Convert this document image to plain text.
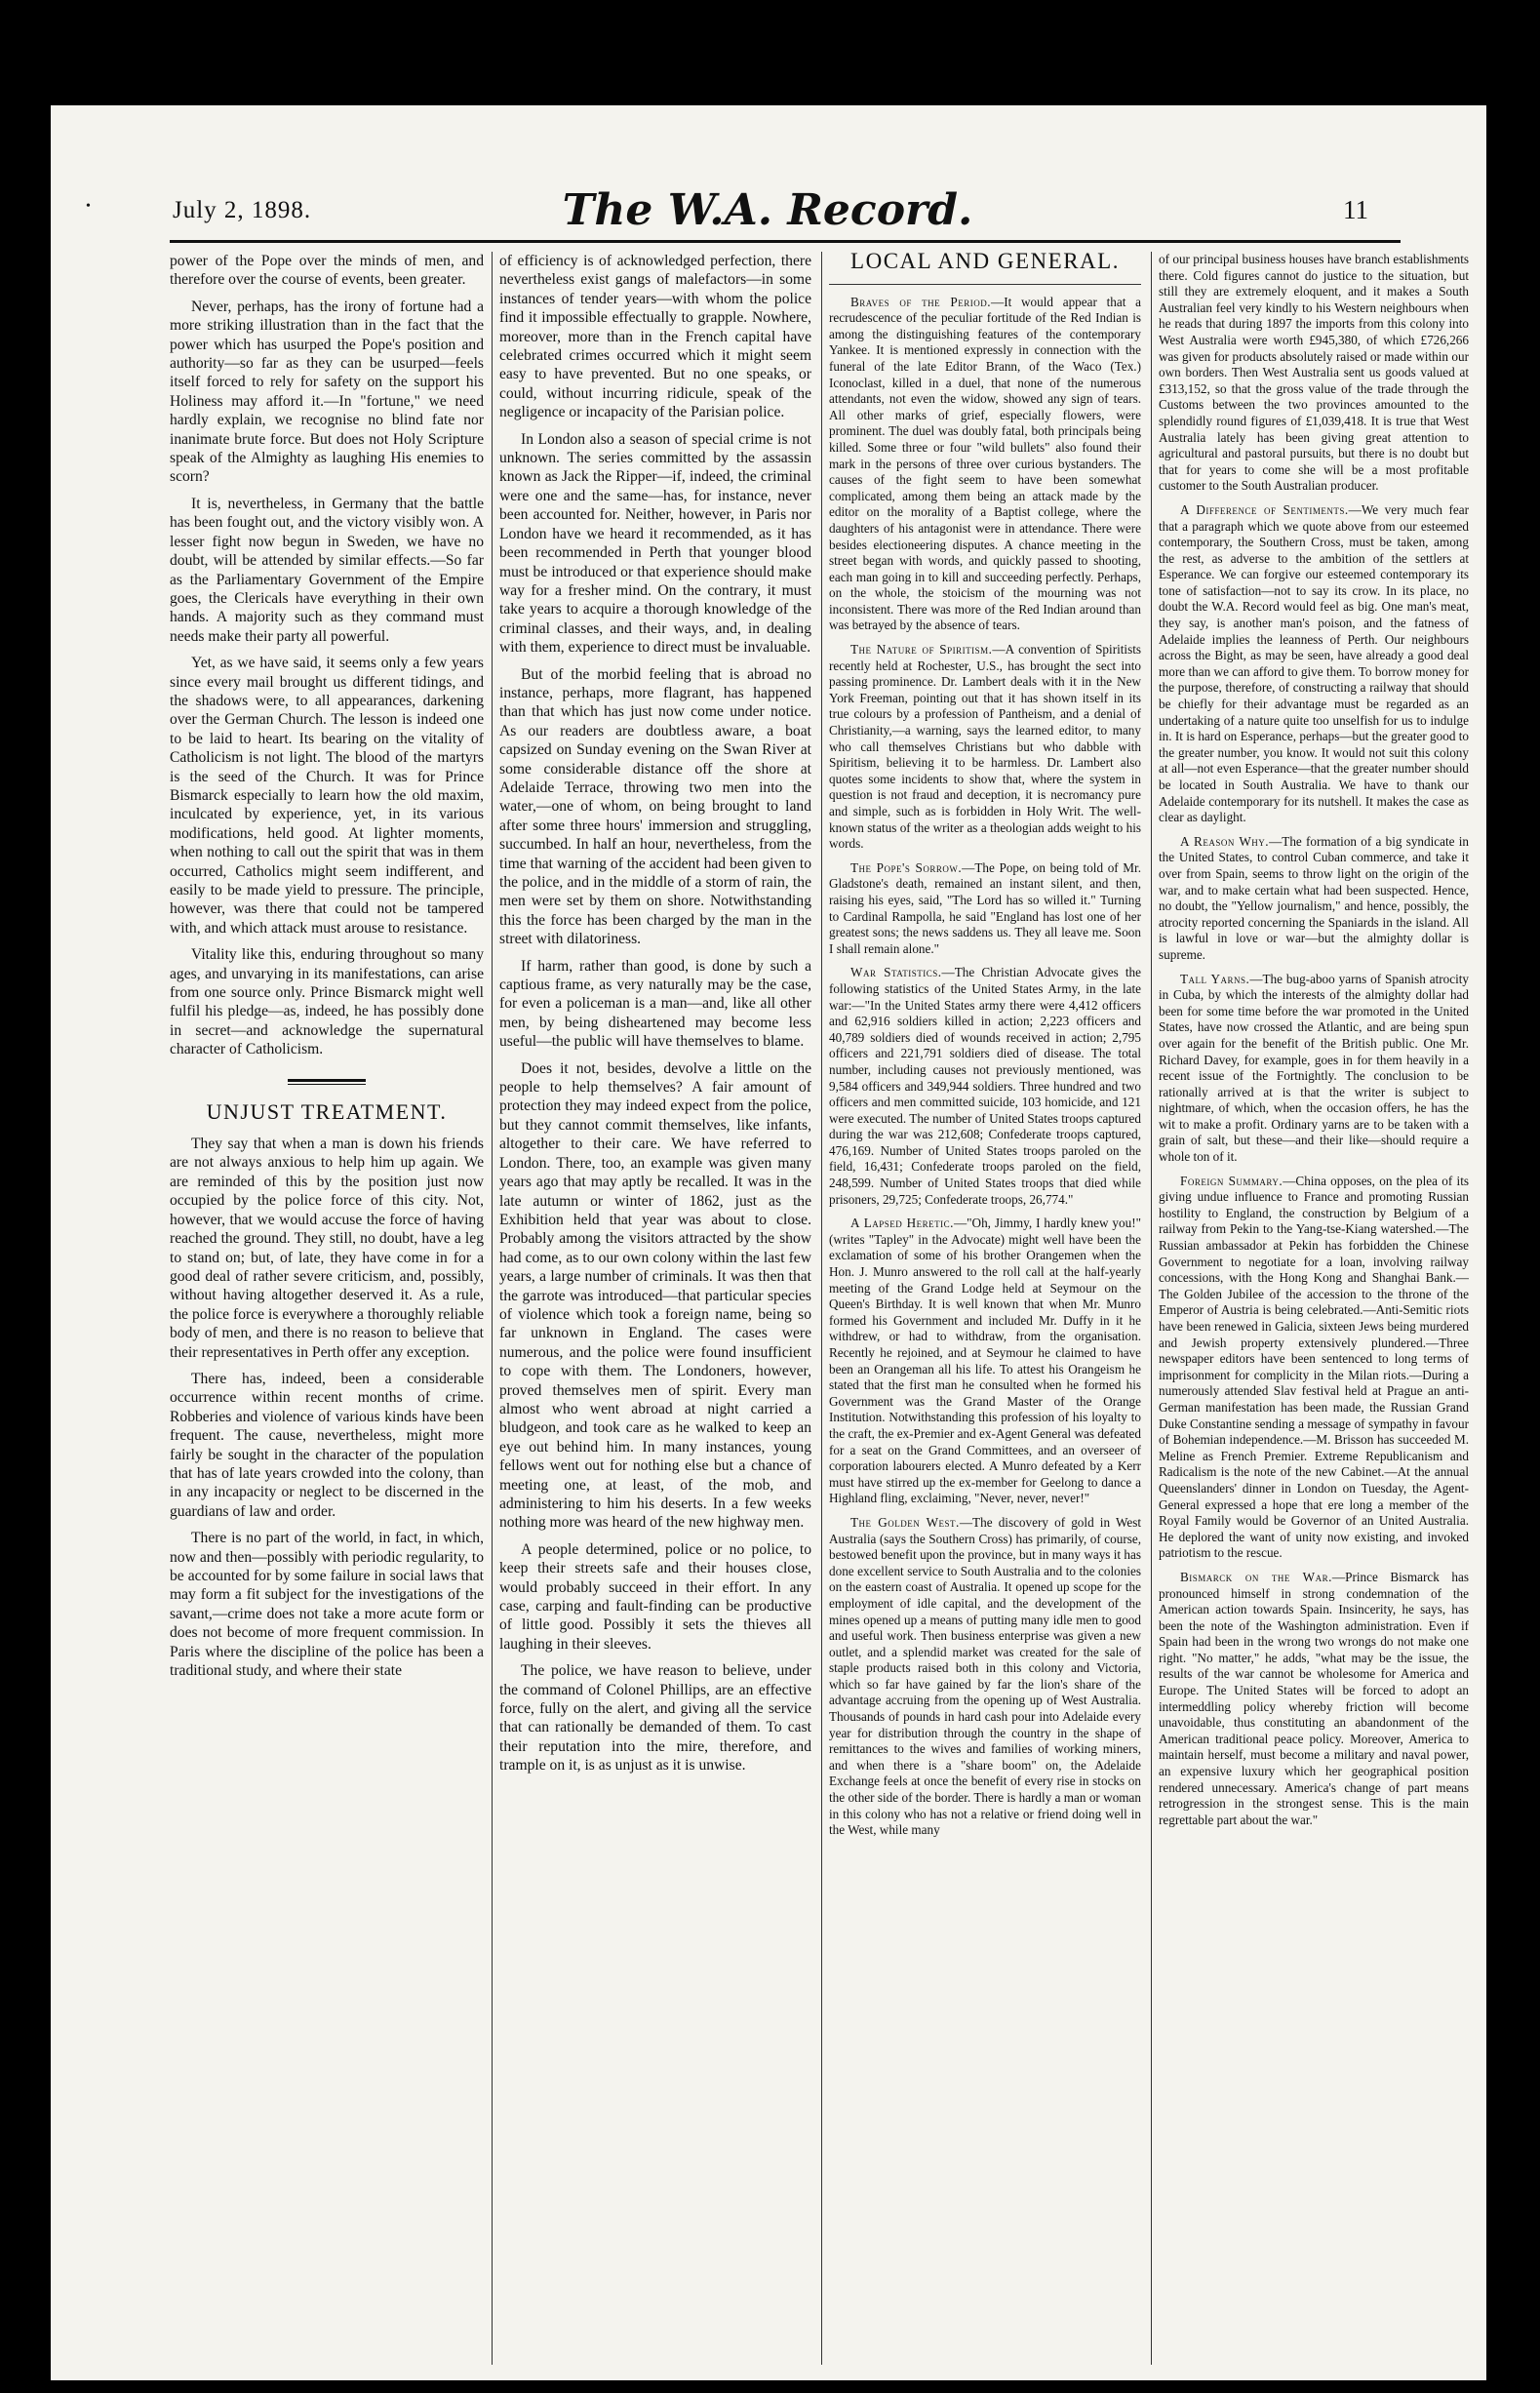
•	July 2, 1898.	The W.A. Record.	11

power of the Pope over the minds of men, and therefore over the course of events, been greater.

Never, perhaps, has the irony of fortune had a more striking illustration than in the fact that the power which has usurped the Pope's position and authority—so far as they can be usurped—feels itself forced to rely for safety on the support his Holiness may afford it.—In "fortune," we need hardly explain, we recognise no blind fate nor inanimate brute force. But does not Holy Scripture speak of the Almighty as laughing His enemies to scorn?

It is, nevertheless, in Germany that the battle has been fought out, and the victory visibly won. A lesser fight now begun in Sweden, we have no doubt, will be attended by similar effects.—So far as the Parliamentary Government of the Empire goes, the Clericals have everything in their own hands. A majority such as they command must needs make their party all powerful.

Yet, as we have said, it seems only a few years since every mail brought us different tidings, and the shadows were, to all appearances, darkening over the German Church. The lesson is indeed one to be laid to heart. Its bearing on the vitality of Catholicism is not light. The blood of the martyrs is the seed of the Church. It was for Prince Bismarck especially to learn how the old maxim, inculcated by experience, yet, in its various modifications, held good. At lighter moments, when nothing to call out the spirit that was in them occurred, Catholics might seem indifferent, and easily to be made yield to pressure. The principle, however, was there that could not be tampered with, and which attack must arouse to resistance.

Vitality like this, enduring throughout so many ages, and unvarying in its manifestations, can arise from one source only. Prince Bismarck might well fulfil his pledge—as, indeed, he has possibly done in secret—and acknowledge the supernatural character of Catholicism.

UNJUST TREATMENT.

They say that when a man is down his friends are not always anxious to help him up again. We are reminded of this by the position just now occupied by the police force of this city. Not, however, that we would accuse the force of having reached the ground. They still, no doubt, have a leg to stand on; but, of late, they have come in for a good deal of rather severe criticism, and, possibly, without having altogether deserved it. As a rule, the police force is everywhere a thoroughly reliable body of men, and there is no reason to believe that their representatives in Perth offer any exception.

There has, indeed, been a considerable occurrence within recent months of crime. Robberies and violence of various kinds have been frequent. The cause, nevertheless, might more fairly be sought in the character of the population that has of late years crowded into the colony, than in any incapacity or neglect to be discerned in the guardians of law and order.

There is no part of the world, in fact, in which, now and then—possibly with periodic regularity, to be accounted for by some failure in social laws that may form a fit subject for the investigations of the savant,—crime does not take a more acute form or does not become of more frequent commission. In Paris where the discipline of the police has been a traditional study, and where their state

of efficiency is of acknowledged perfection, there nevertheless exist gangs of malefactors—in some instances of tender years—with whom the police find it impossible effectually to grapple. Nowhere, moreover, more than in the French capital have celebrated crimes occurred which it might seem easy to have prevented. But no one speaks, or could, without incurring ridicule, speak of the negligence or incapacity of the Parisian police.

In London also a season of special crime is not unknown. The series committed by the assassin known as Jack the Ripper—if, indeed, the criminal were one and the same—has, for instance, never been accounted for. Neither, however, in Paris nor London have we heard it recommended, as it has been recommended in Perth that younger blood must be introduced or that experience should make way for a fresher mind. On the contrary, it must take years to acquire a thorough knowledge of the criminal classes, and their ways, and, in dealing with them, experience to direct must be invaluable.

But of the morbid feeling that is abroad no instance, perhaps, more flagrant, has happened than that which has just now come under notice. As our readers are doubtless aware, a boat capsized on Sunday evening on the Swan River at some considerable distance off the shore at Adelaide Terrace, throwing two men into the water,—one of whom, on being brought to land after some three hours' immersion and struggling, succumbed. In half an hour, nevertheless, from the time that warning of the accident had been given to the police, and in the middle of a storm of rain, the men were set by them on shore. Notwithstanding this the force has been charged by the man in the street with dilatoriness.

If harm, rather than good, is done by such a captious frame, as very naturally may be the case, for even a policeman is a man—and, like all other men, by being disheartened may become less useful—the public will have themselves to blame.

Does it not, besides, devolve a little on the people to help themselves? A fair amount of protection they may indeed expect from the police, but they cannot commit themselves, like infants, altogether to their care. We have referred to London. There, too, an example was given many years ago that may aptly be recalled. It was in the late autumn or winter of 1862, just as the Exhibition held that year was about to close. Probably among the visitors attracted by the show had come, as to our own colony within the last few years, a large number of criminals. It was then that the garrote was introduced—that particular species of violence which took a foreign name, being so far unknown in England. The cases were numerous, and the police were found insufficient to cope with them. The Londoners, however, proved themselves men of spirit. Every man almost who went abroad at night carried a bludgeon, and took care as he walked to keep an eye out behind him. In many instances, young fellows went out for nothing else but a chance of meeting one, at least, of the mob, and administering to him his deserts. In a few weeks nothing more was heard of the new highway men.

A people determined, police or no police, to keep their streets safe and their houses close, would probably succeed in their effort. In any case, carping and fault-finding can be productive of little good. Possibly it sets the thieves all laughing in their sleeves.

The police, we have reason to believe, under the command of Colonel Phillips, are an effective force, fully on the alert, and giving all the service that can rationally be demanded of them. To cast their reputation into the mire, therefore, and trample on it, is as unjust as it is unwise.

LOCAL AND GENERAL.

Braves of the Period.—It would appear that a recrudescence of the peculiar fortitude of the Red Indian is among the distinguishing features of the contemporary Yankee. It is mentioned expressly in connection with the funeral of the late Editor Brann, of the Waco (Tex.) Iconoclast, killed in a duel, that none of the numerous attendants, not even the widow, showed any sign of tears. All other marks of grief, especially flowers, were prominent. The duel was doubly fatal, both principals being killed. Some three or four "wild bullets" also found their mark in the persons of three over curious bystanders. The causes of the fight seem to have been somewhat complicated, among them being an attack made by the editor on the morality of a Baptist college, where the daughters of his antagonist were in attendance. There were besides electioneering disputes. A chance meeting in the street began with words, and quickly passed to shooting, each man going in to kill and succeeding perfectly. Perhaps, on the whole, the stoicism of the mourning was not inconsistent. There was more of the Red Indian around than was betrayed by the absence of tears.

The Nature of Spiritism.—A convention of Spiritists recently held at Rochester, U.S., has brought the sect into passing prominence. Dr. Lambert deals with it in the New York Freeman, pointing out that it has shown itself in its true colours by a profession of Pantheism, and a denial of Christianity,—a warning, says the learned editor, to many who call themselves Christians but who dabble with Spiritism, believing it to be harmless. Dr. Lambert also quotes some incidents to show that, where the system in question is not fraud and deception, it is necromancy pure and simple, such as is forbidden in Holy Writ. The well-known status of the writer as a theologian adds weight to his words.

The Pope's Sorrow.—The Pope, on being told of Mr. Gladstone's death, remained an instant silent, and then, raising his eyes, said, "The Lord has so willed it." Turning to Cardinal Rampolla, he said "England has lost one of her greatest sons; the news saddens us. They all leave me. Soon I shall remain alone."

War Statistics.—The Christian Advocate gives the following statistics of the United States Army, in the late war:—"In the United States army there were 4,412 officers and 62,916 soldiers killed in action; 2,223 officers and 40,789 soldiers died of wounds received in action; 2,795 officers and 221,791 soldiers died of disease. The total number, including causes not previously mentioned, was 9,584 officers and 349,944 soldiers. Three hundred and two officers and men committed suicide, 103 homicide, and 121 were executed. The number of United States troops captured during the war was 212,608; Confederate troops captured, 476,169. Number of United States troops paroled on the field, 16,431; Confederate troops paroled on the field, 248,599. Number of United States troops that died while prisoners, 29,725; Confederate troops, 26,774."

A Lapsed Heretic.—"Oh, Jimmy, I hardly knew you!" (writes "Tapley" in the Advocate) might well have been the exclamation of some of his brother Orangemen when the Hon. J. Munro answered to the roll call at the half-yearly meeting of the Grand Lodge held at Seymour on the Queen's Birthday. It is well known that when Mr. Munro formed his Government and included Mr. Duffy in it he withdrew, or had to withdraw, from the organisation. Recently he rejoined, and at Seymour he claimed to have been an Orangeman all his life. To attest his Orangeism he stated that the first man he consulted when he formed his Government was the Grand Master of the Orange Institution. Notwithstanding this profession of his loyalty to the craft, the ex-Premier and ex-Agent General was defeated for a seat on the Grand Committees, and an overseer of corporation labourers elected. A Munro defeated by a Kerr must have stirred up the ex-member for Geelong to dance a Highland fling, exclaiming, "Never, never, never!"

The Golden West.—The discovery of gold in West Australia (says the Southern Cross) has primarily, of course, bestowed benefit upon the province, but in many ways it has done excellent service to South Australia and to the colonies on the eastern coast of Australia. It opened up scope for the employment of idle capital, and the development of the mines opened up a means of putting many idle men to good and useful work. Then business enterprise was given a new outlet, and a splendid market was created for the sale of staple products raised both in this colony and Victoria, which so far have gained by far the lion's share of the advantage accruing from the opening up of West Australia. Thousands of pounds in hard cash pour into Adelaide every year for distribution through the country in the shape of remittances to the wives and families of working miners, and when there is a "share boom" on, the Adelaide Exchange feels at once the benefit of every rise in stocks on the other side of the border. There is hardly a man or woman in this colony who has not a relative or friend doing well in the West, while many

of our principal business houses have branch establishments there. Cold figures cannot do justice to the situation, but still they are extremely eloquent, and it makes a South Australian feel very kindly to his Western neighbours when he reads that during 1897 the imports from this colony into West Australia were worth £945,380, of which £726,266 was given for products absolutely raised or made within our own borders. Then West Australia sent us goods valued at £313,152, so that the gross value of the trade through the Customs between the two provinces amounted to the splendidly round figures of £1,039,418. It is true that West Australia lately has been giving great attention to agricultural and pastoral pursuits, but there is no doubt but that for years to come she will be a most profitable customer to the South Australian producer.

A Difference of Sentiments.—We very much fear that a paragraph which we quote above from our esteemed contemporary, the Southern Cross, must be taken, among the rest, as adverse to the ambition of the settlers at Esperance. We can forgive our esteemed contemporary its tone of satisfaction—not to say its crow. In its place, no doubt the W.A. Record would feel as big. One man's meat, they say, is another man's poison, and the fatness of Adelaide implies the leanness of Perth. Our neighbours across the Bight, as may be seen, have already a good deal more than we can afford to give them. To borrow money for the purpose, therefore, of constructing a railway that should be chiefly for their advantage must be regarded as an undertaking of a nature quite too unselfish for us to indulge in. It is hard on Esperance, perhaps—but the greater good to the greater number, you know. It would not suit this colony at all—not even Esperance—that the greater number should be located in South Australia. We have to thank our Adelaide contemporary for its nutshell. It makes the case as clear as daylight.

A Reason Why.—The formation of a big syndicate in the United States, to control Cuban commerce, and take it over from Spain, seems to throw light on the origin of the war, and to make certain what had been suspected. Hence, no doubt, the "Yellow journalism," and hence, possibly, the atrocity reported concerning the Spaniards in the island. All is lawful in love or war—but the almighty dollar is supreme.

Tall Yarns.—The bug-aboo yarns of Spanish atrocity in Cuba, by which the interests of the almighty dollar had been for some time before the war promoted in the United States, have now crossed the Atlantic, and are being spun over again for the benefit of the British public. One Mr. Richard Davey, for example, goes in for them heavily in a recent issue of the Fortnightly. The conclusion to be rationally arrived at is that the writer is subject to nightmare, of which, when the occasion offers, he has the wit to make a profit. Ordinary yarns are to be taken with a grain of salt, but these—and their like—should require a whole ton of it.

Foreign Summary.—China opposes, on the plea of its giving undue influence to France and promoting Russian hostility to England, the construction by Belgium of a railway from Pekin to the Yang-tse-Kiang watershed.—The Russian ambassador at Pekin has forbidden the Chinese Government to negotiate for a loan, involving railway concessions, with the Hong Kong and Shanghai Bank.—The Golden Jubilee of the accession to the throne of the Emperor of Austria is being celebrated.—Anti-Semitic riots have been renewed in Galicia, sixteen Jews being murdered and Jewish property extensively plundered.—Three newspaper editors have been sentenced to long terms of imprisonment for complicity in the Milan riots.—During a numerously attended Slav festival held at Prague an anti-German manifestation has been made, the Russian Grand Duke Constantine sending a message of sympathy in favour of Bohemian independence.—M. Brisson has succeeded M. Meline as French Premier. Extreme Republicanism and Radicalism is the note of the new Cabinet.—At the annual Queenslanders' dinner in London on Tuesday, the Agent-General expressed a hope that ere long a member of the Royal Family would be Governor of an United Australia. He deplored the want of unity now existing, and invoked patriotism to the rescue.

Bismarck on the War.—Prince Bismarck has pronounced himself in strong condemnation of the American action towards Spain. Insincerity, he says, has been the note of the Washington administration. Even if Spain had been in the wrong two wrongs do not make one right. "No matter," he adds, "what may be the issue, the results of the war cannot be wholesome for America and Europe. The United States will be forced to adopt an intermeddling policy whereby friction will become unavoidable, thus constituting an abandonment of the American traditional peace policy. Moreover, America to maintain herself, must become a military and naval power, an expensive luxury which her geographical position rendered unnecessary. America's change of part means retrogression in the strongest sense. This is the main regrettable part about the war."
